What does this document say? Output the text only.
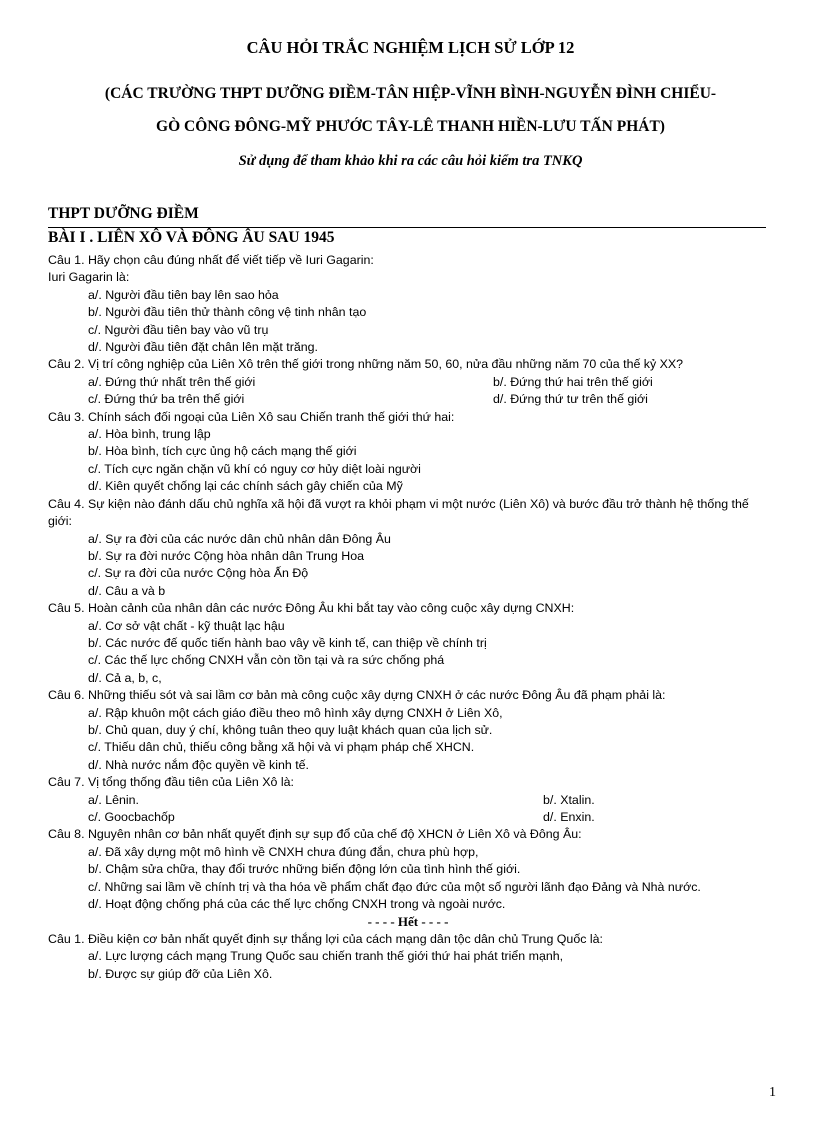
CÂU HỎI TRẮC NGHIỆM LỊCH SỬ LỚP 12
(CÁC TRƯỜNG THPT DƯỠNG ĐIỀM-TÂN HIỆP-VĨNH BÌNH-NGUYỄN ĐÌNH CHIỂU-
GÒ CÔNG ĐÔNG-MỸ PHƯỚC TÂY-LÊ THANH HIỀN-LƯU TẤN PHÁT)
Sử dụng để tham khảo khi ra các câu hỏi kiểm tra TNKQ
THPT DƯỠNG ĐIỀM
BÀI I . LIÊN XÔ VÀ ĐÔNG ÂU SAU 1945

Câu 1. Hãy chọn câu đúng nhất để viết tiếp về Iuri Gagarin:

Iuri Gagarin là:

a/. Người đầu tiên bay lên sao hỏa

b/. Người đầu tiên thử thành công vệ tinh nhân tạo

c/. Người đầu tiên bay vào vũ trụ

d/. Người đầu tiên đặt chân lên mặt trăng.

Câu 2. Vị trí công nghiệp của Liên Xô trên thế giới trong những năm 50, 60, nửa đầu những năm 70 của thế kỷ XX?

a/. Đứng thứ nhất trên thế giới	b/. Đứng thứ hai trên thế giới
c/. Đứng thứ ba trên thế giới	d/. Đứng thứ tư trên thế giới

Câu 3. Chính sách đối ngoại của Liên Xô sau Chiến tranh thế giới thứ hai:

a/. Hòa bình, trung lập

b/. Hòa bình, tích cực ủng hộ cách mạng thế giới

c/. Tích cực ngăn chặn vũ khí có nguy cơ hủy diệt loài người

d/. Kiên quyết chống lại các chính sách gây chiến của Mỹ

Câu 4. Sự kiện nào đánh dấu chủ nghĩa xã hội đã vượt ra khỏi phạm vi một nước (Liên Xô) và bước đầu trở thành hệ thống thế giới:

a/. Sự ra đời của các nước dân chủ nhân dân Đông Âu

b/. Sự ra đời nước Cộng hòa nhân dân Trung Hoa

c/. Sự ra đời của nước Cộng hòa Ấn Độ

d/. Câu a và b

Câu 5. Hoàn cảnh của nhân dân các nước Đông Âu khi bắt tay vào công cuộc xây dựng CNXH:

a/. Cơ sở vật chất - kỹ thuật lạc hậu

b/. Các nước đế quốc tiến hành bao vây về kinh tế, can thiệp về chính trị

c/. Các thế lực chống CNXH vẫn còn tồn tại và ra sức chống phá

d/. Cả a, b, c,

Câu 6. Những thiếu sót và sai lầm cơ bản mà công cuộc xây dựng CNXH ở các nước Đông Âu đã phạm phải là:

a/. Rập khuôn một cách giáo điều theo mô hình xây dựng CNXH ở Liên Xô,

b/. Chủ quan, duy ý chí, không tuân theo quy luật khách quan của lịch sử.

c/. Thiếu dân chủ, thiếu công bằng xã hội và vi phạm pháp chế XHCN.

d/. Nhà nước nắm độc quyền về kinh tế.

Câu 7. Vị tổng thống đầu tiên của Liên Xô là:

a/. Lênin.	b/. Xtalin.
c/. Goocbachốp	d/. Enxin.

Câu 8. Nguyên nhân cơ bản nhất quyết định sự sụp đổ của chế độ XHCN ở Liên Xô và Đông Âu:

a/. Đã xây dựng một mô hình về CNXH chưa đúng đắn, chưa phù hợp,

b/. Chậm sửa chữa, thay đổi trước những biến động lớn của tình hình thế giới.

c/. Những sai lầm về chính trị và tha hóa về phẩm chất đạo đức của một số người lãnh đạo Đảng và Nhà nước.

d/. Hoạt động chống phá của các thế lực chống CNXH trong và ngoài nước.

- - - - Hết - - - -

Câu 1. Điều kiện cơ bản nhất quyết định sự thắng lợi của cách mạng dân tộc dân chủ Trung Quốc là:

a/. Lực lượng cách mạng Trung Quốc sau chiến tranh thế giới thứ hai phát triển mạnh,

b/. Được sự giúp đỡ của Liên Xô.

1
